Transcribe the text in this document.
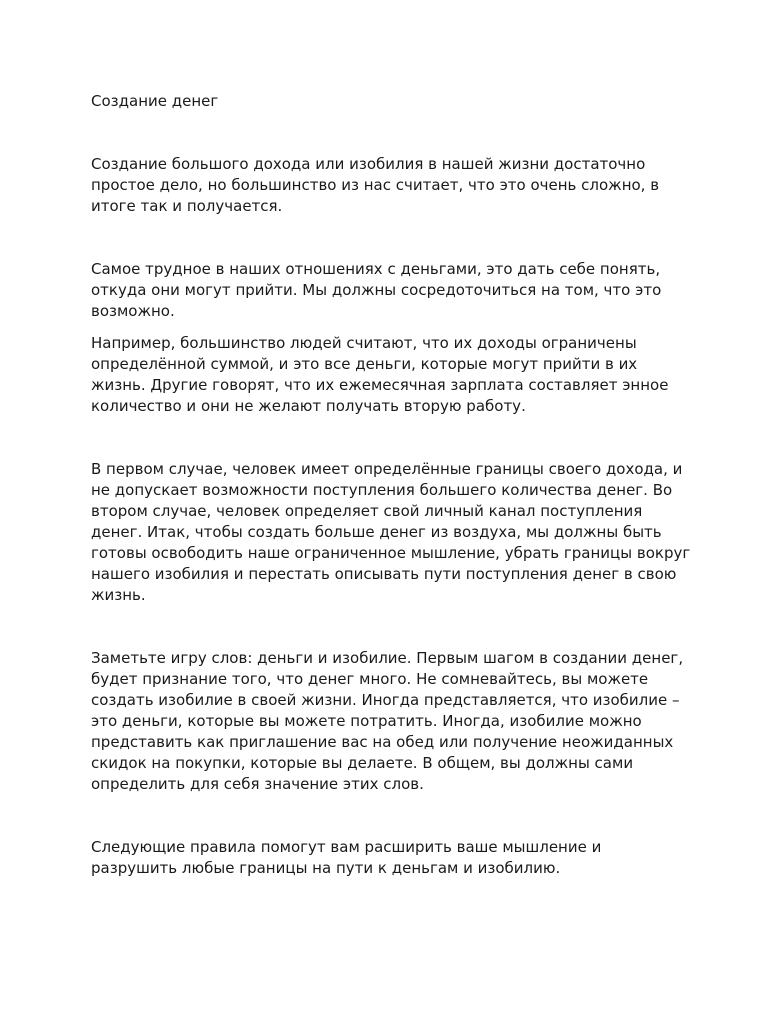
Создание денег

Создание большого дохода или изобилия в нашей жизни достаточно простое дело, но большинство из нас считает, что это очень сложно, в итоге так и получается.

Самое трудное в наших отношениях с деньгами, это дать себе понять, откуда они могут прийти. Мы должны сосредоточиться на том, что это возможно.

Например, большинство людей считают, что их доходы ограничены определённой суммой, и это все деньги, которые могут прийти в их жизнь. Другие говорят, что их ежемесячная зарплата составляет энное количество и они не желают получать вторую работу.

В первом случае, человек имеет определённые границы своего дохода, и не допускает возможности поступления большего количества денег. Во втором случае, человек определяет свой личный канал поступления денег. Итак, чтобы создать больше денег из воздуха, мы должны быть готовы освободить наше ограниченное мышление, убрать границы вокруг нашего изобилия и перестать описывать пути поступления денег в свою жизнь.

Заметьте игру слов: деньги и изобилие. Первым шагом в создании денег, будет признание того, что денег много. Не сомневайтесь, вы можете создать изобилие в своей жизни. Иногда представляется, что изобилие – это деньги, которые вы можете потратить. Иногда, изобилие можно представить как приглашение вас на обед или получение неожиданных скидок на покупки, которые вы делаете. В общем, вы должны сами определить для себя значение этих слов.

Следующие правила помогут вам расширить ваше мышление и разрушить любые границы на пути к деньгам и изобилию.
